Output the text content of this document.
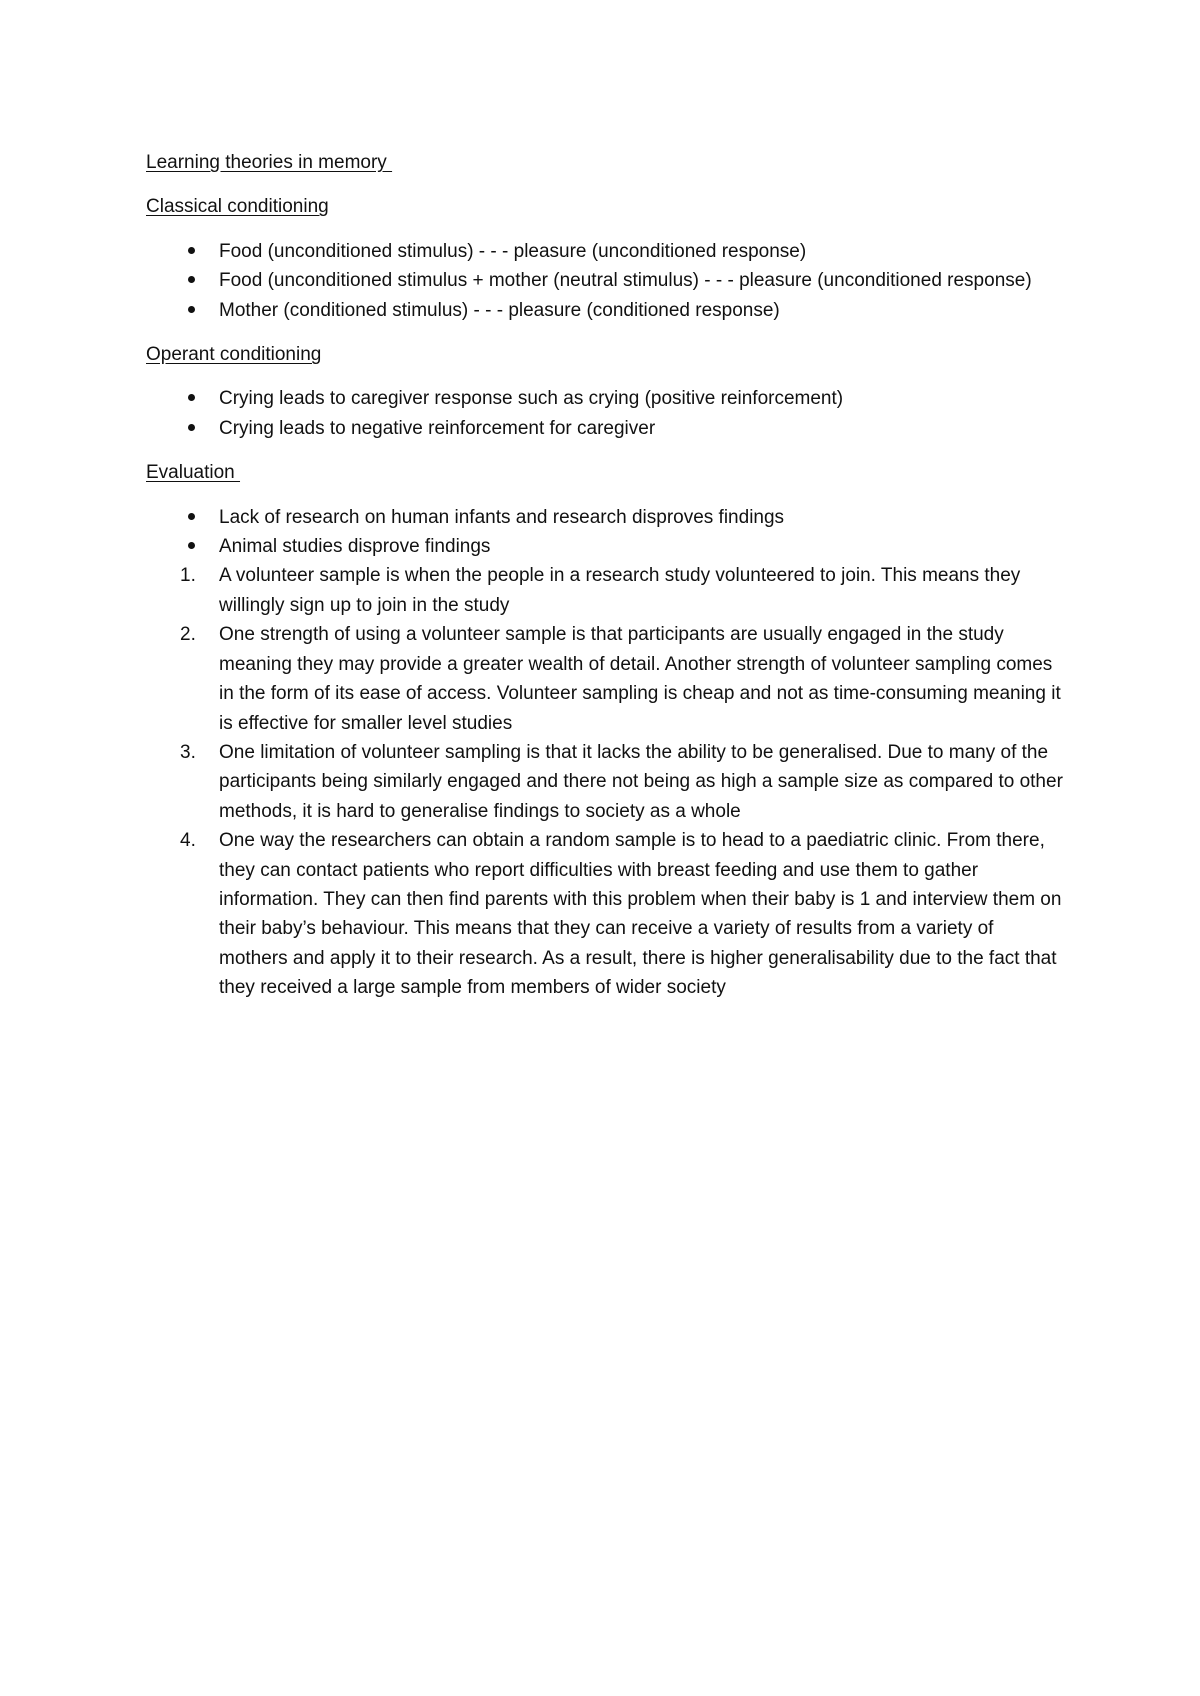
Learning theories in memory

Classical conditioning

Food (unconditioned stimulus) - - - pleasure (unconditioned response)
Food (unconditioned stimulus + mother (neutral stimulus) - - - pleasure (unconditioned response)
Mother (conditioned stimulus) - - - pleasure (conditioned response)

Operant conditioning

Crying leads to caregiver response such as crying (positive reinforcement)
Crying leads to negative reinforcement for caregiver

Evaluation

Lack of research on human infants and research disproves findings
Animal studies disprove findings
1.	A volunteer sample is when the people in a research study volunteered to join. This means they willingly sign up to join in the study
2.	One strength of using a volunteer sample is that participants are usually engaged in the study meaning they may provide a greater wealth of detail. Another strength of volunteer sampling comes in the form of its ease of access. Volunteer sampling is cheap and not as time-consuming meaning it is effective for smaller level studies
3.	One limitation of volunteer sampling is that it lacks the ability to be generalised. Due to many of the participants being similarly engaged and there not being as high a sample size as compared to other methods, it is hard to generalise findings to society as a whole
4.	One way the researchers can obtain a random sample is to head to a paediatric clinic. From there, they can contact patients who report difficulties with breast feeding and use them to gather information. They can then find parents with this problem when their baby is 1 and interview them on their baby’s behaviour. This means that they can receive a variety of results from a variety of mothers and apply it to their research. As a result, there is higher generalisability due to the fact that they received a large sample from members of wider society
